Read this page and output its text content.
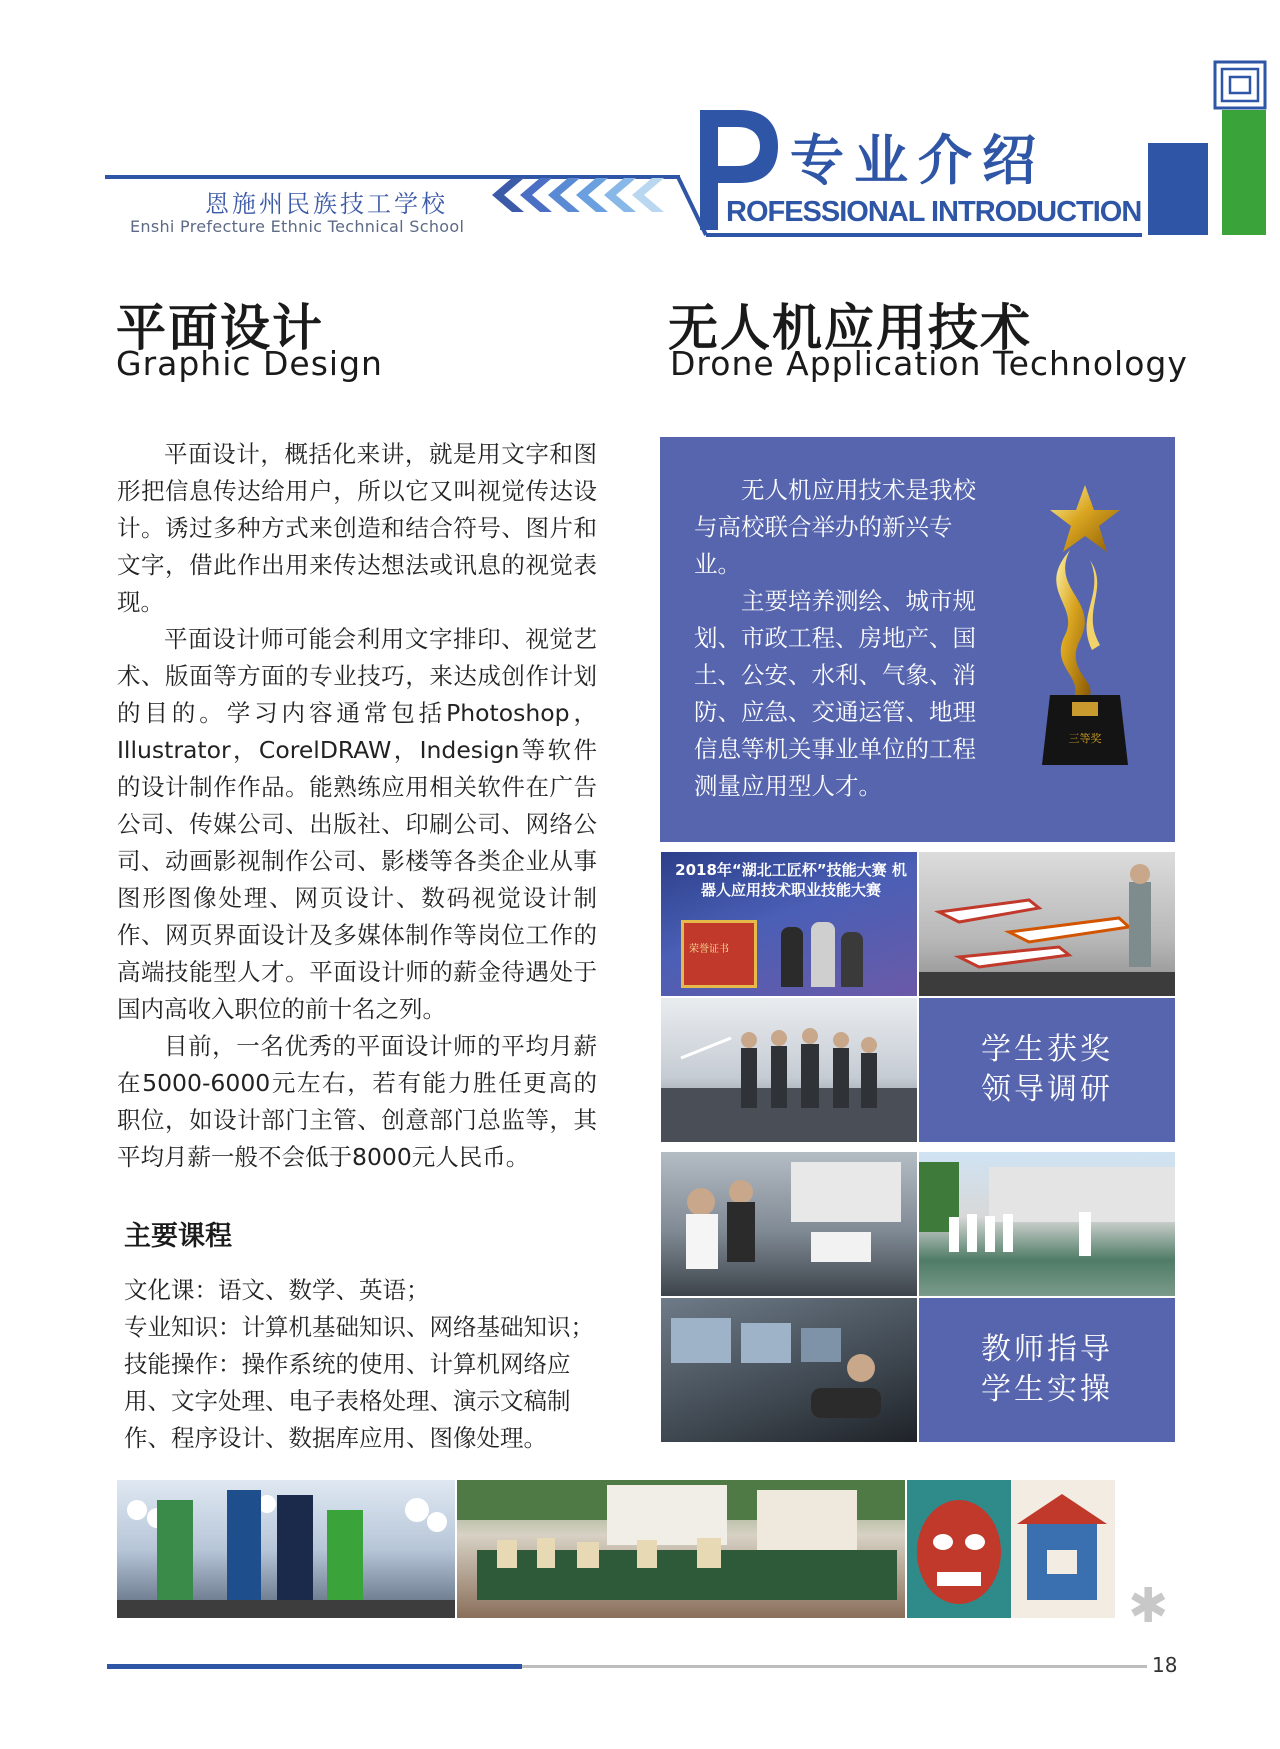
恩施州民族技工学校
Enshi Prefecture Ethnic Technical School
专业介绍
ROFESSIONAL INTRODUCTION
平面设计
Graphic Design

平面设计，概括化来讲，就是用文字和图形把信息传达给用户，所以它又叫视觉传达设计。诱过多种方式来创造和结合符号、图片和文字，借此作出用来传达想法或讯息的视觉表现。

平面设计师可能会利用文字排印、视觉艺术、版面等方面的专业技巧，来达成创作计划的目的。学习内容通常包括Photoshop，Illustrator，CorelDRAW，Indesign等软件的设计制作作品。能熟练应用相关软件在广告公司、传媒公司、出版社、印刷公司、网络公司、动画影视制作公司、影楼等各类企业从事图形图像处理、网页设计、数码视觉设计制作、网页界面设计及多媒体制作等岗位工作的高端技能型人才。平面设计师的薪金待遇处于国内高收入职位的前十名之列。

目前，一名优秀的平面设计师的平均月薪在5000-6000元左右，若有能力胜任更高的职位，如设计部门主管、创意部门总监等，其平均月薪一般不会低于8000元人民币。

主要课程
文化课：语文、数学、英语；
专业知识：计算机基础知识、网络基础知识；
技能操作：操作系统的使用、计算机网络应用、文字处理、电子表格处理、演示文稿制作、程序设计、数据库应用、图像处理。
无人机应用技术
Drone Application Technology

无人机应用技术是我校与高校联合举办的新兴专业。

主要培养测绘、城市规划、市政工程、房地产、国土、公安、水利、气象、消防、应急、交通运管、地理信息等机关事业单位的工程测量应用型人才。

三等奖
2018年“湖北工匠杯”技能大赛 机器人应用技术职业技能大赛
荣誉证书
学生获奖
领导调研
教师指导
学生实操
✱
18
